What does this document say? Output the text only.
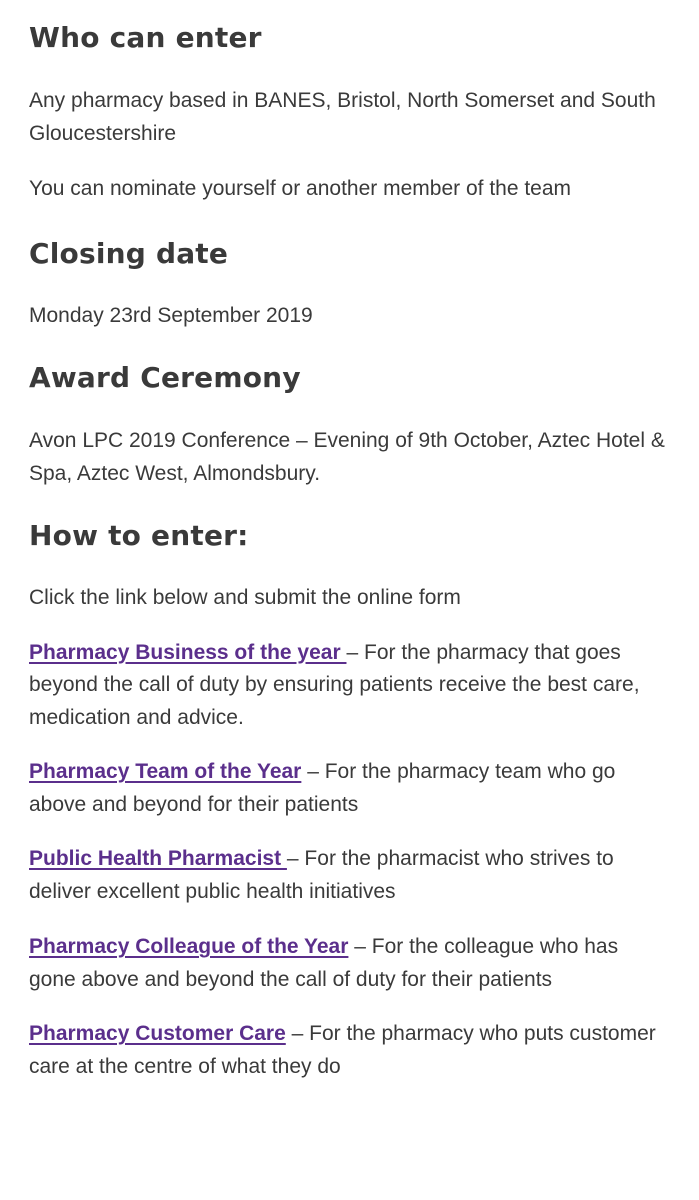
Who can enter

Any pharmacy based in BANES, Bristol, North Somerset and South Gloucestershire

You can nominate yourself or another member of the team

Closing date

Monday 23rd September 2019

Award Ceremony

Avon LPC 2019 Conference – Evening of 9th October, Aztec Hotel & Spa, Aztec West, Almondsbury.

How to enter:

Click the link below and submit the online form

Pharmacy Business of the year – For the pharmacy that goes beyond the call of duty by ensuring patients receive the best care, medication and advice.

Pharmacy Team of the Year – For the pharmacy team who go above and beyond for their patients

Public Health Pharmacist – For the pharmacist who strives to deliver excellent public health initiatives

Pharmacy Colleague of the Year – For the colleague who has gone above and beyond the call of duty for their patients

Pharmacy Customer Care – For the pharmacy who puts customer care at the centre of what they do
